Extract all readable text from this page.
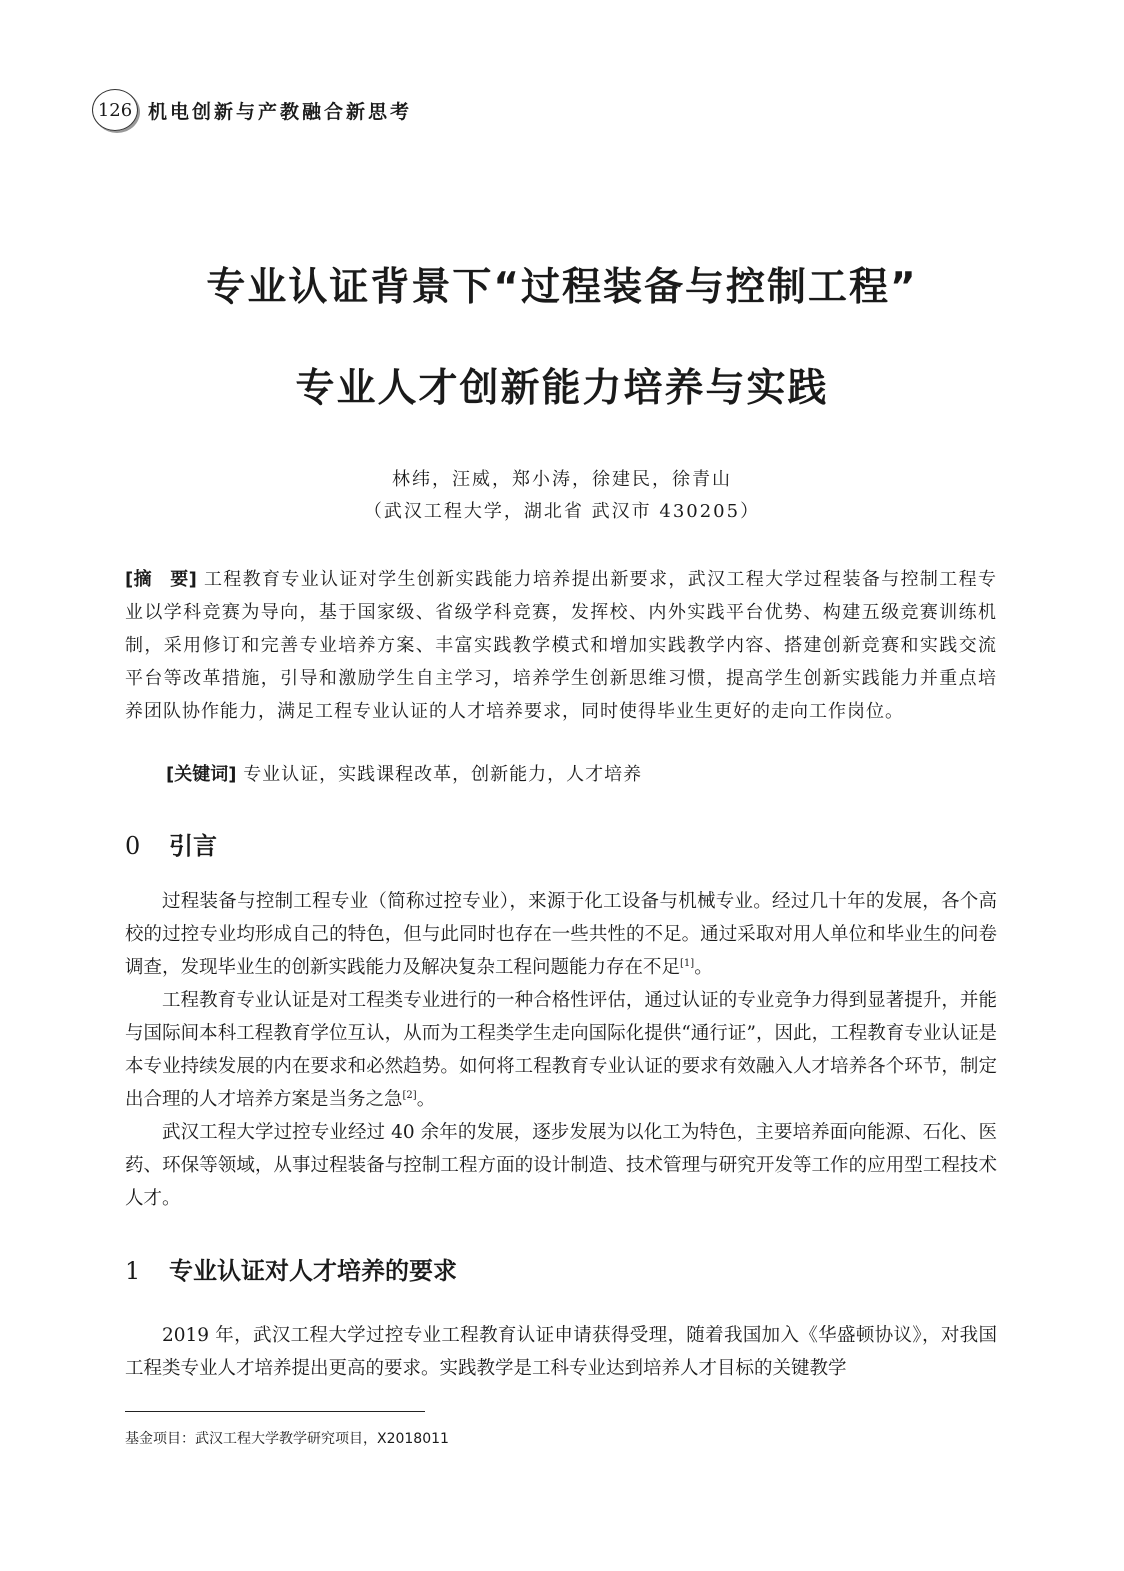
126 机电创新与产教融合新思考
专业认证背景下“过程装备与控制工程”
专业人才创新能力培养与实践
林纬，汪威，郑小涛，徐建民，徐青山
（武汉工程大学，湖北省 武汉市 430205）
[摘　要] 工程教育专业认证对学生创新实践能力培养提出新要求，武汉工程大学过程装备与控制工程专业以学科竞赛为导向，基于国家级、省级学科竞赛，发挥校、内外实践平台优势、构建五级竞赛训练机制，采用修订和完善专业培养方案、丰富实践教学模式和增加实践教学内容、搭建创新竞赛和实践交流平台等改革措施，引导和激励学生自主学习，培养学生创新思维习惯，提高学生创新实践能力并重点培养团队协作能力，满足工程专业认证的人才培养要求，同时使得毕业生更好的走向工作岗位。
[关键词] 专业认证，实践课程改革，创新能力，人才培养
0 引言

过程装备与控制工程专业（简称过控专业），来源于化工设备与机械专业。经过几十年的发展，各个高校的过控专业均形成自己的特色，但与此同时也存在一些共性的不足。通过采取对用人单位和毕业生的问卷调查，发现毕业生的创新实践能力及解决复杂工程问题能力存在不足[1]。

工程教育专业认证是对工程类专业进行的一种合格性评估，通过认证的专业竞争力得到显著提升，并能与国际间本科工程教育学位互认，从而为工程类学生走向国际化提供“通行证”，因此，工程教育专业认证是本专业持续发展的内在要求和必然趋势。如何将工程教育专业认证的要求有效融入人才培养各个环节，制定出合理的人才培养方案是当务之急[2]。

武汉工程大学过控专业经过 40 余年的发展，逐步发展为以化工为特色，主要培养面向能源、石化、医药、环保等领域，从事过程装备与控制工程方面的设计制造、技术管理与研究开发等工作的应用型工程技术人才。

1 专业认证对人才培养的要求

2019 年，武汉工程大学过控专业工程教育认证申请获得受理，随着我国加入《华盛顿协议》，对我国工程类专业人才培养提出更高的要求。实践教学是工科专业达到培养人才目标的关键教学

基金项目：武汉工程大学教学研究项目，X2018011
